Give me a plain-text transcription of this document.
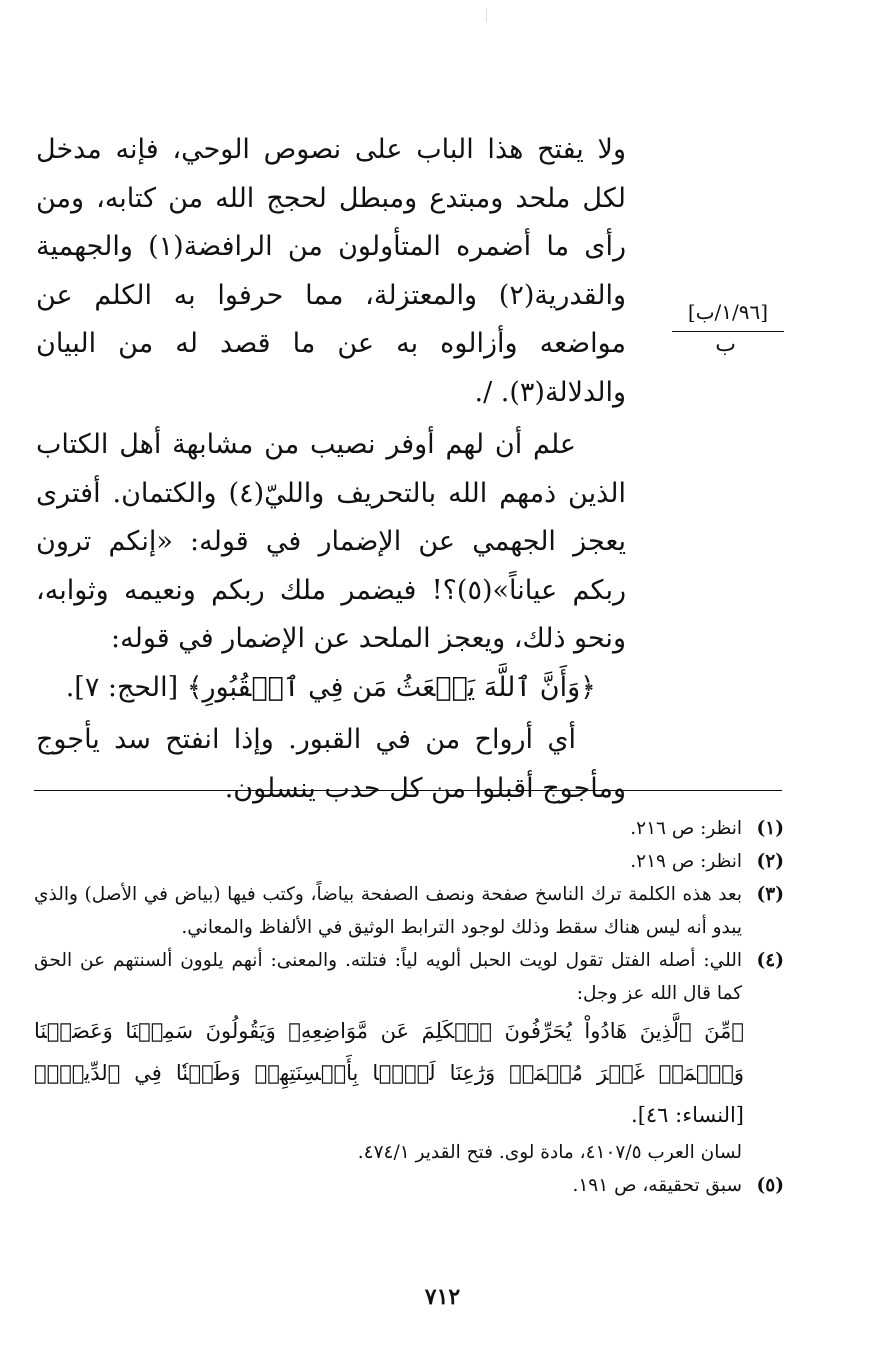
[١/٩٦/ب]
ب

ولا يفتح هذا الباب على نصوص الوحي، فإنه مدخل لكل ملحد ومبتدع ومبطل لحجج الله من كتابه، ومن رأى ما أضمره المتأولون من الرافضة(١) والجهمية والقدرية(٢) والمعتزلة، مما حرفوا به الكلم عن مواضعه وأزالوه به عن ما قصد له من البيان والدلالة(٣). /.

علم أن لهم أوفر نصيب من مشابهة أهل الكتاب الذين ذمهم الله بالتحريف والليّ(٤) والكتمان. أفترى يعجز الجهمي عن الإضمار في قوله: «إنكم ترون ربكم عياناً»(٥)؟! فيضمر ملك ربكم ونعيمه وثوابه، ونحو ذلك، ويعجز الملحد عن الإضمار في قوله:

﴿وَأَنَّ ٱللَّهَ يَبۡعَثُ مَن فِي ٱلۡقُبُورِ﴾ [الحج: ٧].

أي أرواح من في القبور. وإذا انفتح سد يأجوج ومأجوج أقبلوا من كل حدب ينسلون.

(١)
انظر: ص ٢١٦.
(٢)
انظر: ص ٢١٩.
(٣)
بعد هذه الكلمة ترك الناسخ صفحة ونصف الصفحة بياضاً، وكتب فيها (بياض في الأصل) والذي يبدو أنه ليس هناك سقط وذلك لوجود الترابط الوثيق في الألفاظ والمعاني.
(٤)
اللي: أصله الفتل تقول لويت الحبل ألويه لياً: فتلته. والمعنى: أنهم يلوون ألسنتهم عن الحق كما قال الله عز وجل:
﴿مِّنَ ٱلَّذِينَ هَادُواْ يُحَرِّفُونَ ٱلۡكَلِمَ عَن مَّوَاضِعِهِۦ وَيَقُولُونَ سَمِعۡنَا وَعَصَيۡنَا وَٱسۡمَعۡ غَيۡرَ مُسۡمَعٖ وَرَٰعِنَا لَيَّۢا بِأَلۡسِنَتِهِمۡ وَطَعۡنٗا فِي ٱلدِّينِۚ﴾ [النساء: ٤٦].
لسان العرب ٤١٠٧/٥، مادة لوى. فتح القدير ٤٧٤/١.
(٥)
سبق تحقيقه، ص ١٩١.
٧١٢
